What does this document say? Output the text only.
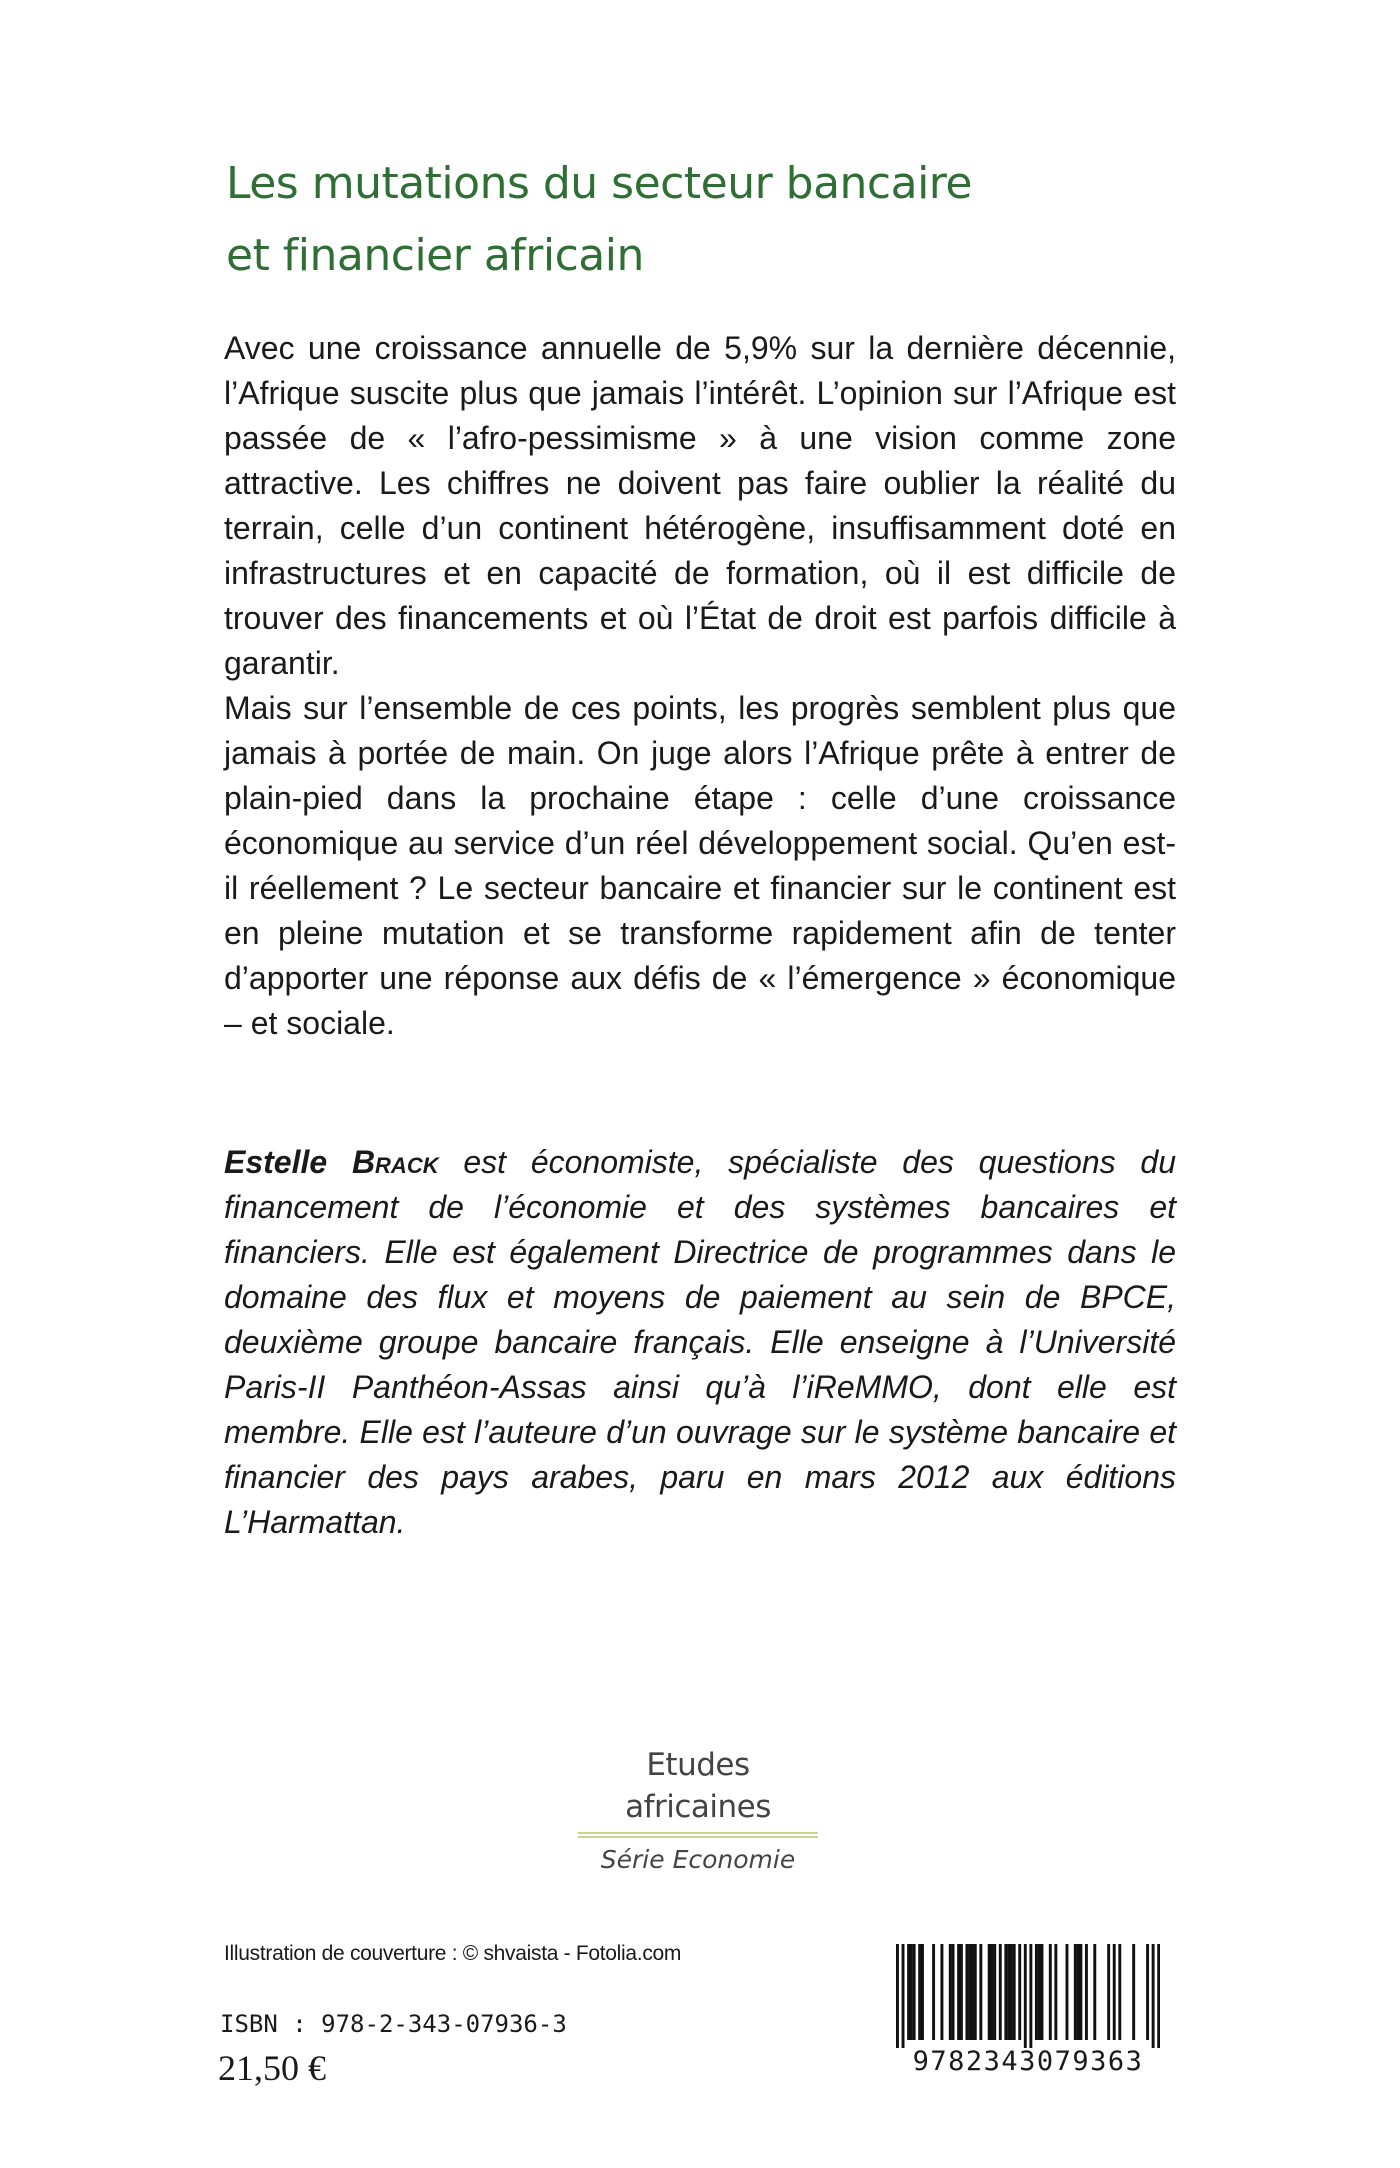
Les mutations du secteur bancaire
et financier africain

Avec une croissance annuelle de 5,9% sur la dernière décennie, l’Afrique suscite plus que jamais l’intérêt. L’opinion sur l’Afrique est passée de « l’afro-pessimisme » à une vision comme zone attractive. Les chiffres ne doivent pas faire oublier la réalité du terrain, celle d’un continent hétérogène, insuffisamment doté en infrastructures et en capacité de formation, où il est difficile de trouver des financements et où l’État de droit est parfois difficile à garantir.

Mais sur l’ensemble de ces points, les progrès semblent plus que jamais à portée de main. On juge alors l’Afrique prête à entrer de plain-pied dans la prochaine étape : celle d’une croissance économique au service d’un réel développement social. Qu’en est-il réellement ? Le secteur bancaire et financier sur le continent est en pleine mutation et se transforme rapidement afin de tenter d’apporter une réponse aux défis de « l’émergence » économique – et sociale.

Estelle Brack est économiste, spécialiste des questions du financement de l’économie et des systèmes bancaires et financiers. Elle est également Directrice de programmes dans le domaine des flux et moyens de paiement au sein de BPCE, deuxième groupe bancaire français. Elle enseigne à l’Université Paris-II Panthéon-Assas ainsi qu’à l’iReMMO, dont elle est membre. Elle est l’auteure d’un ouvrage sur le système bancaire et financier des pays arabes, paru en mars 2012 aux éditions L’Harmattan.

Etudes africaines
Série Economie
Illustration de couverture : © shvaista - Fotolia.com
ISBN : 978-2-343-07936-3
21,50 €	9782343079363
